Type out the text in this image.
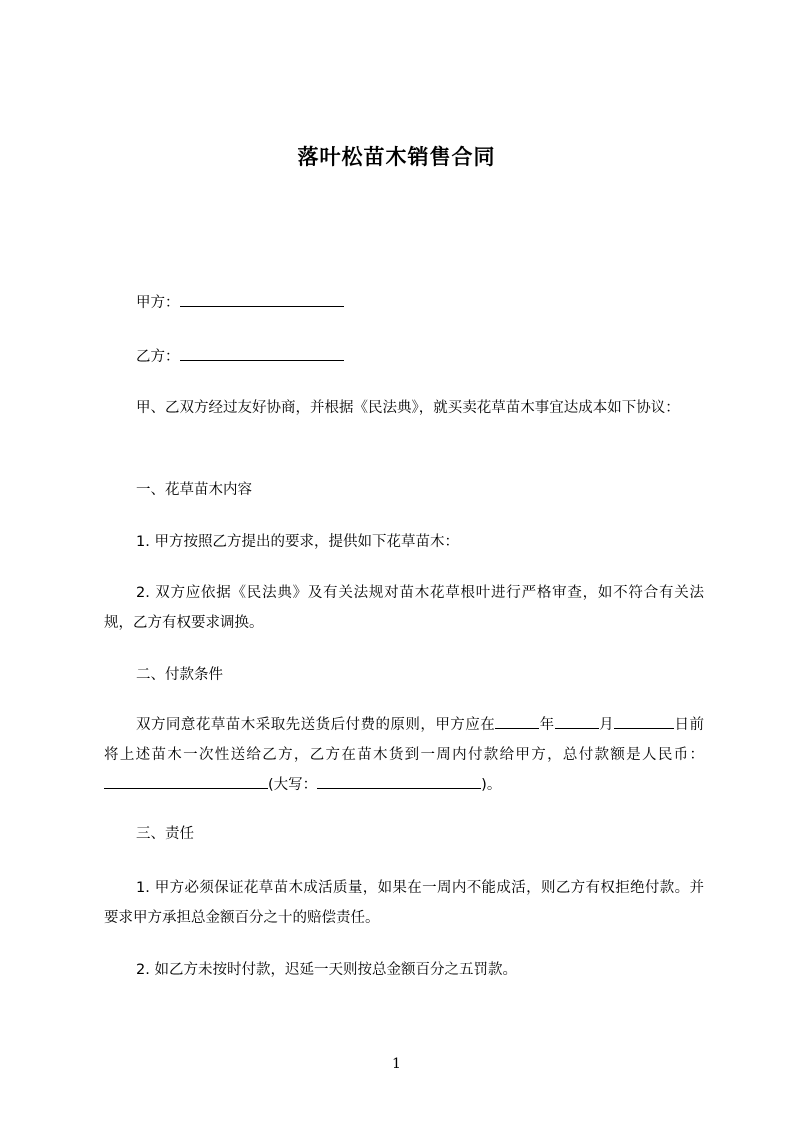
落叶松苗木销售合同
甲方：
乙方：
甲、乙双方经过友好协商，并根据《民法典》，就买卖花草苗木事宜达成本如下协议：
一、花草苗木内容
1. 甲方按照乙方提出的要求，提供如下花草苗木：
2. 双方应依据《民法典》及有关法规对苗木花草根叶进行严格审查，如不符合有关法规，乙方有权要求调换。
二、付款条件
双方同意花草苗木采取先送货后付费的原则，甲方应在	年	月	日前将上述苗木一次性送给乙方，乙方在苗木货到一周内付款给甲方，总付款额是人民币：(大写：	)。
三、责任
1. 甲方必须保证花草苗木成活质量，如果在一周内不能成活，则乙方有权拒绝付款。并要求甲方承担总金额百分之十的赔偿责任。
2. 如乙方未按时付款，迟延一天则按总金额百分之五罚款。
1
